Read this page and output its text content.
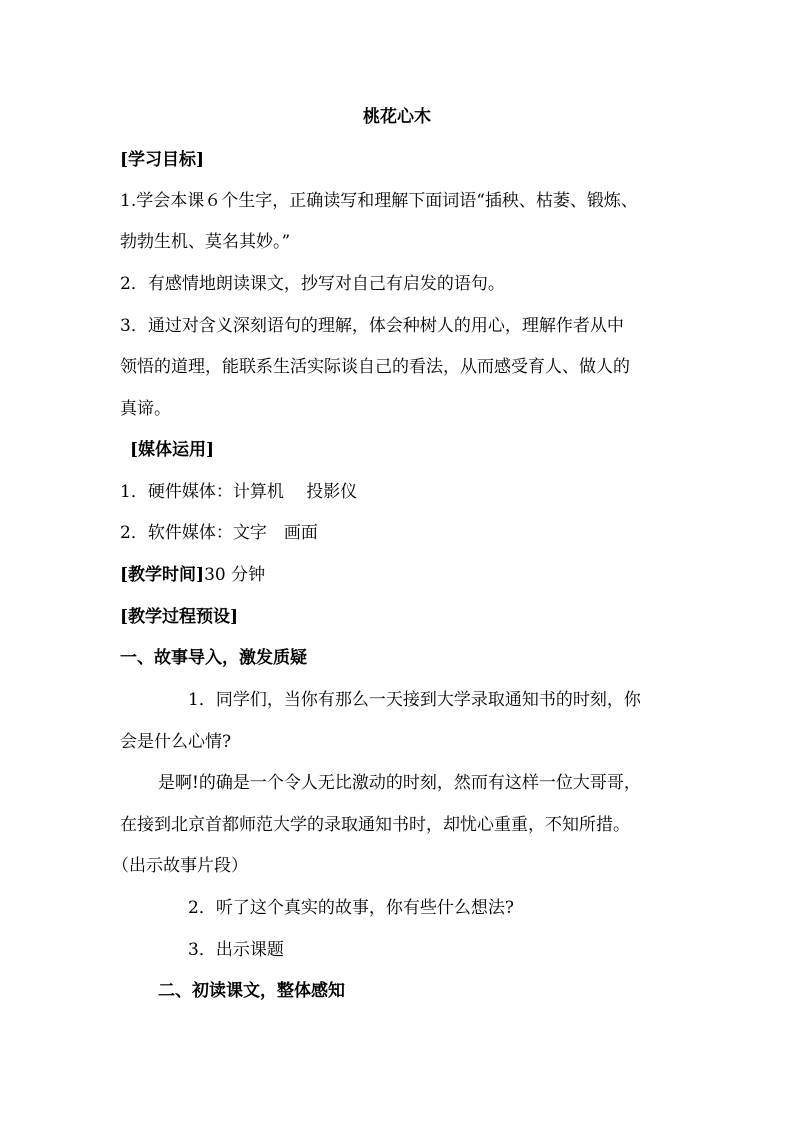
桃花心木
[学习目标]
1.学会本课６个生字，正确读写和理解下面词语“插秧、枯萎、锻炼、
勃勃生机、莫名其妙。”
2．有感情地朗读课文，抄写对自己有启发的语句。
3．通过对含义深刻语句的理解，体会种树人的用心，理解作者从中
领悟的道理，能联系生活实际谈自己的看法，从而感受育人、做人的
真谛。
[媒体运用]
1．硬件媒体：计算机　 投影仪
2．软件媒体：文字　画面
[教学时间]30 分钟
[教学过程预设]
一、故事导入，激发质疑
1．同学们，当你有那么一天接到大学录取通知书的时刻，你
会是什么心情?
是啊!的确是一个令人无比激动的时刻，然而有这样一位大哥哥，
在接到北京首都师范大学的录取通知书时，却忧心重重，不知所措。
（出示故事片段）
2．听了这个真实的故事，你有些什么想法?
3．出示课题
二、初读课文，整体感知
